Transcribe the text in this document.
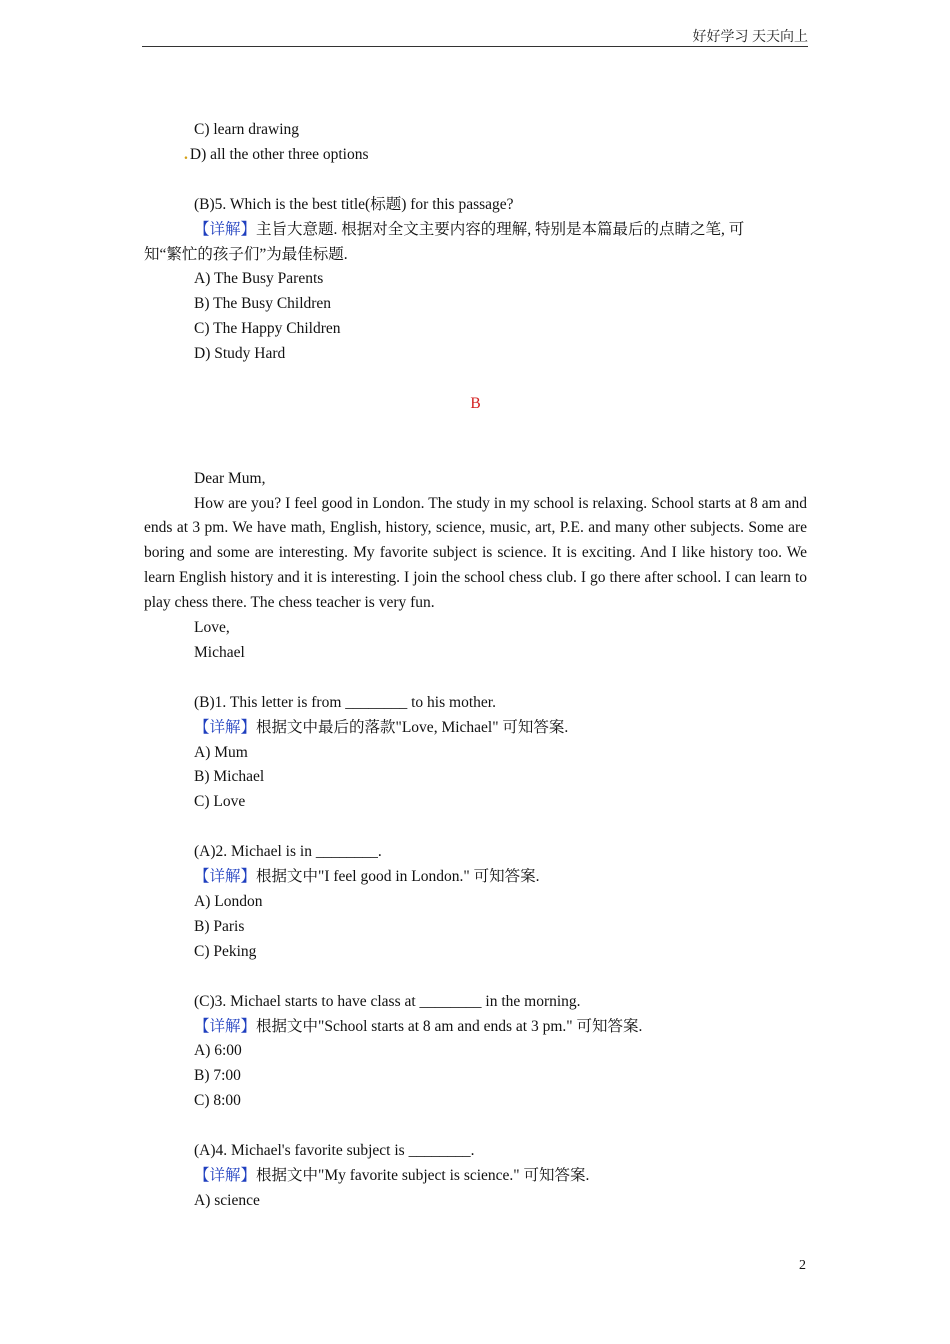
好好学习 天天向上
C) learn drawing
. D) all the other three options
(B)5. Which is the best title(标题) for this passage?
【详解】主旨大意题. 根据对全文主要内容的理解, 特别是本篇最后的点睛之笔, 可
知“繁忙的孩子们”为最佳标题.
A) The Busy Parents
B) The Busy Children
C) The Happy Children
D) Study Hard
B
Dear Mum,
How are you? I feel good in London. The study in my school is relaxing. School starts at 8 am and ends at 3 pm. We have math, English, history, science, music, art, P.E. and many other subjects. Some are boring and some are interesting. My favorite subject is science. It is exciting. And I like history too. We learn English history and it is interesting. I join the school chess club. I go there after school. I can learn to play chess there. The chess teacher is very fun.
Love,
Michael
(B)1. This letter is from ________ to his mother.
【详解】根据文中最后的落款"Love, Michael" 可知答案.
A) Mum
B) Michael
C) Love
(A)2. Michael is in ________.
【详解】根据文中"I feel good in London." 可知答案.
A) London
B) Paris
C) Peking
(C)3. Michael starts to have class at ________ in the morning.
【详解】根据文中"School starts at 8 am and ends at 3 pm." 可知答案.
A) 6:00
B) 7:00
C) 8:00
(A)4. Michael's favorite subject is ________.
【详解】根据文中"My favorite subject is science." 可知答案.
A) science
2
